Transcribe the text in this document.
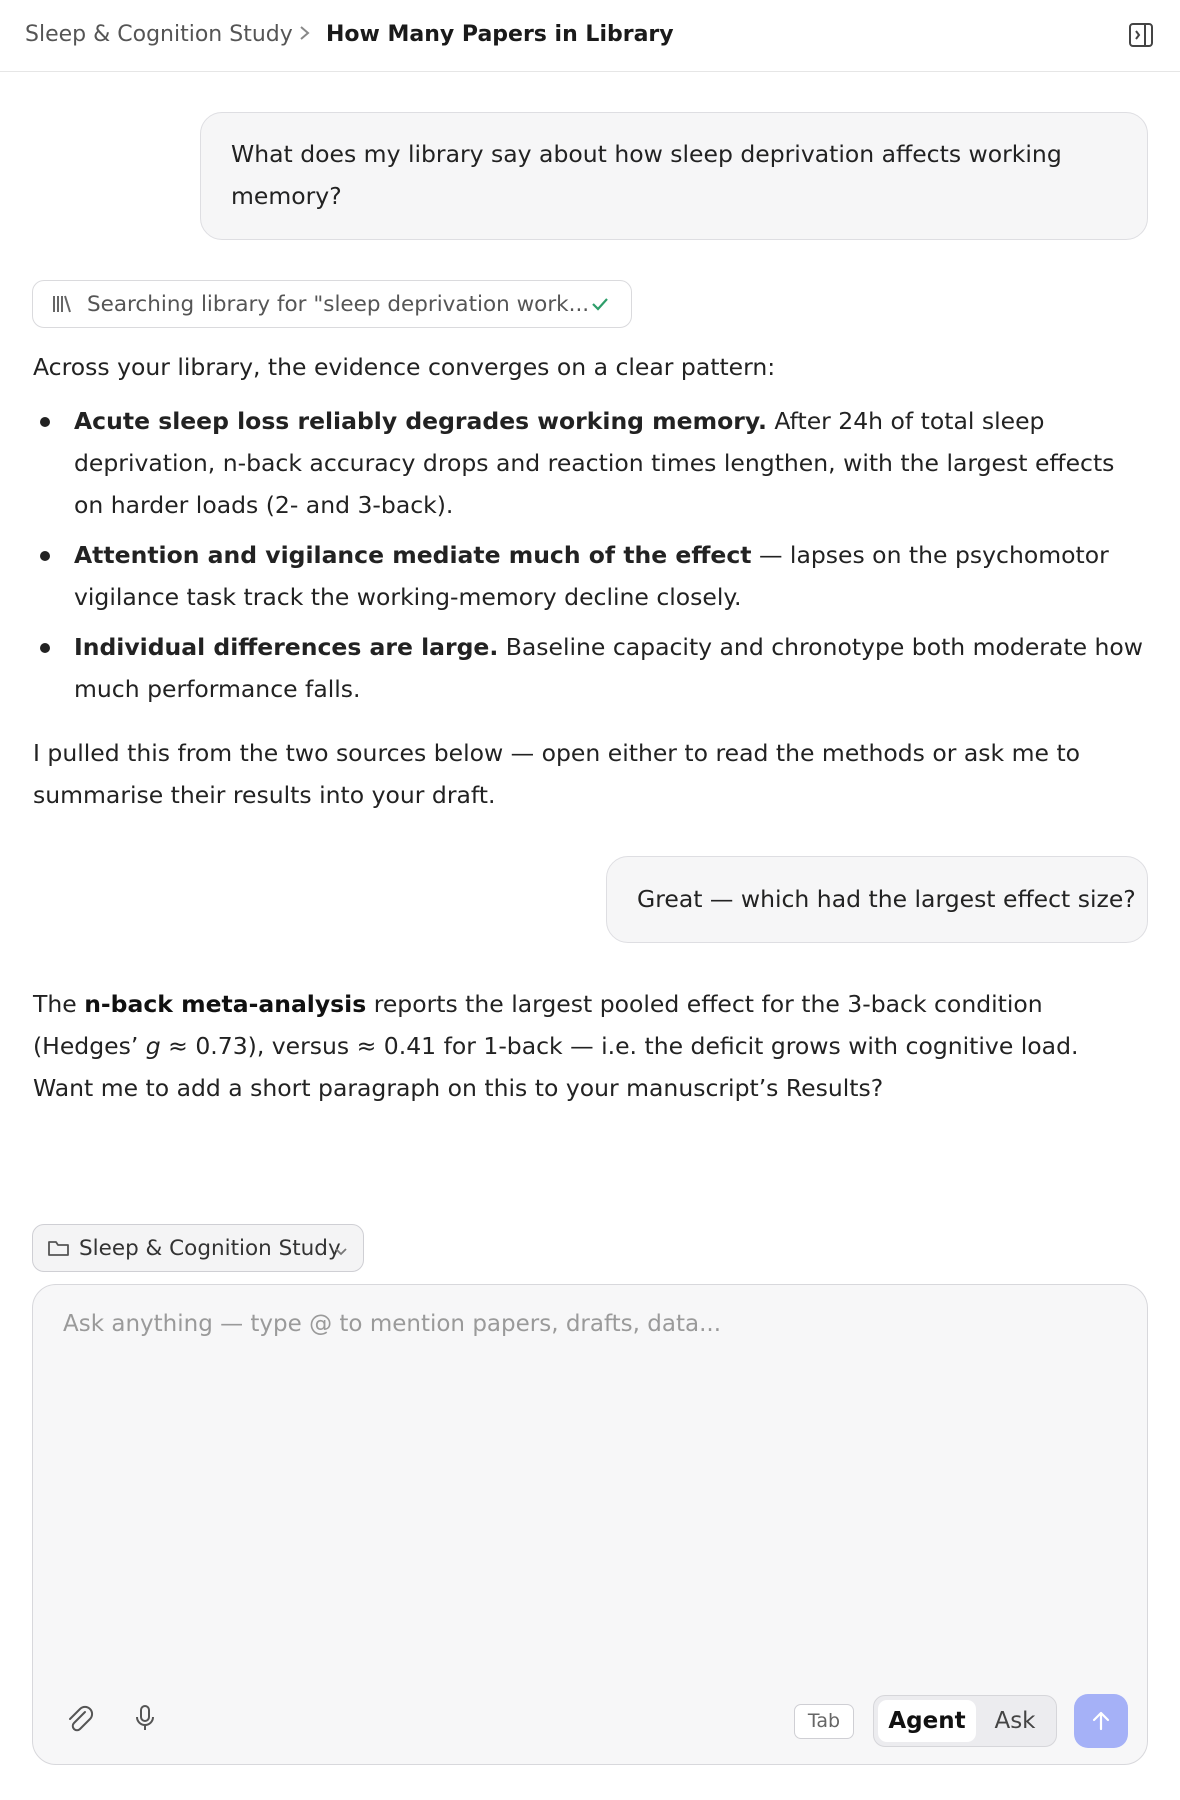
Sleep & Cognition Study How Many Papers in Library
What does my library say about how sleep deprivation affects working memory?
Searching library for "sleep deprivation work...
Across your library, the evidence converges on a clear pattern:
Acute sleep loss reliably degrades working memory. After 24h of total sleep deprivation, n-back accuracy drops and reaction times lengthen, with the largest effects on harder loads (2- and 3-back).
Attention and vigilance mediate much of the effect — lapses on the psychomotor vigilance task track the working-memory decline closely.
Individual differences are large. Baseline capacity and chronotype both moderate how much performance falls.
I pulled this from the two sources below — open either to read the methods or ask me to summarise their results into your draft.
Great — which had the largest effect size?
The n-back meta-analysis reports the largest pooled effect for the 3-back condition (Hedges’ g ≈ 0.73), versus ≈ 0.41 for 1-back — i.e. the deficit grows with cognitive load. Want me to add a short paragraph on this to your manuscript’s Results?
Sleep & Cognition Study
Ask anything — type @ to mention papers, drafts, data...
Tab	Agent	Ask
